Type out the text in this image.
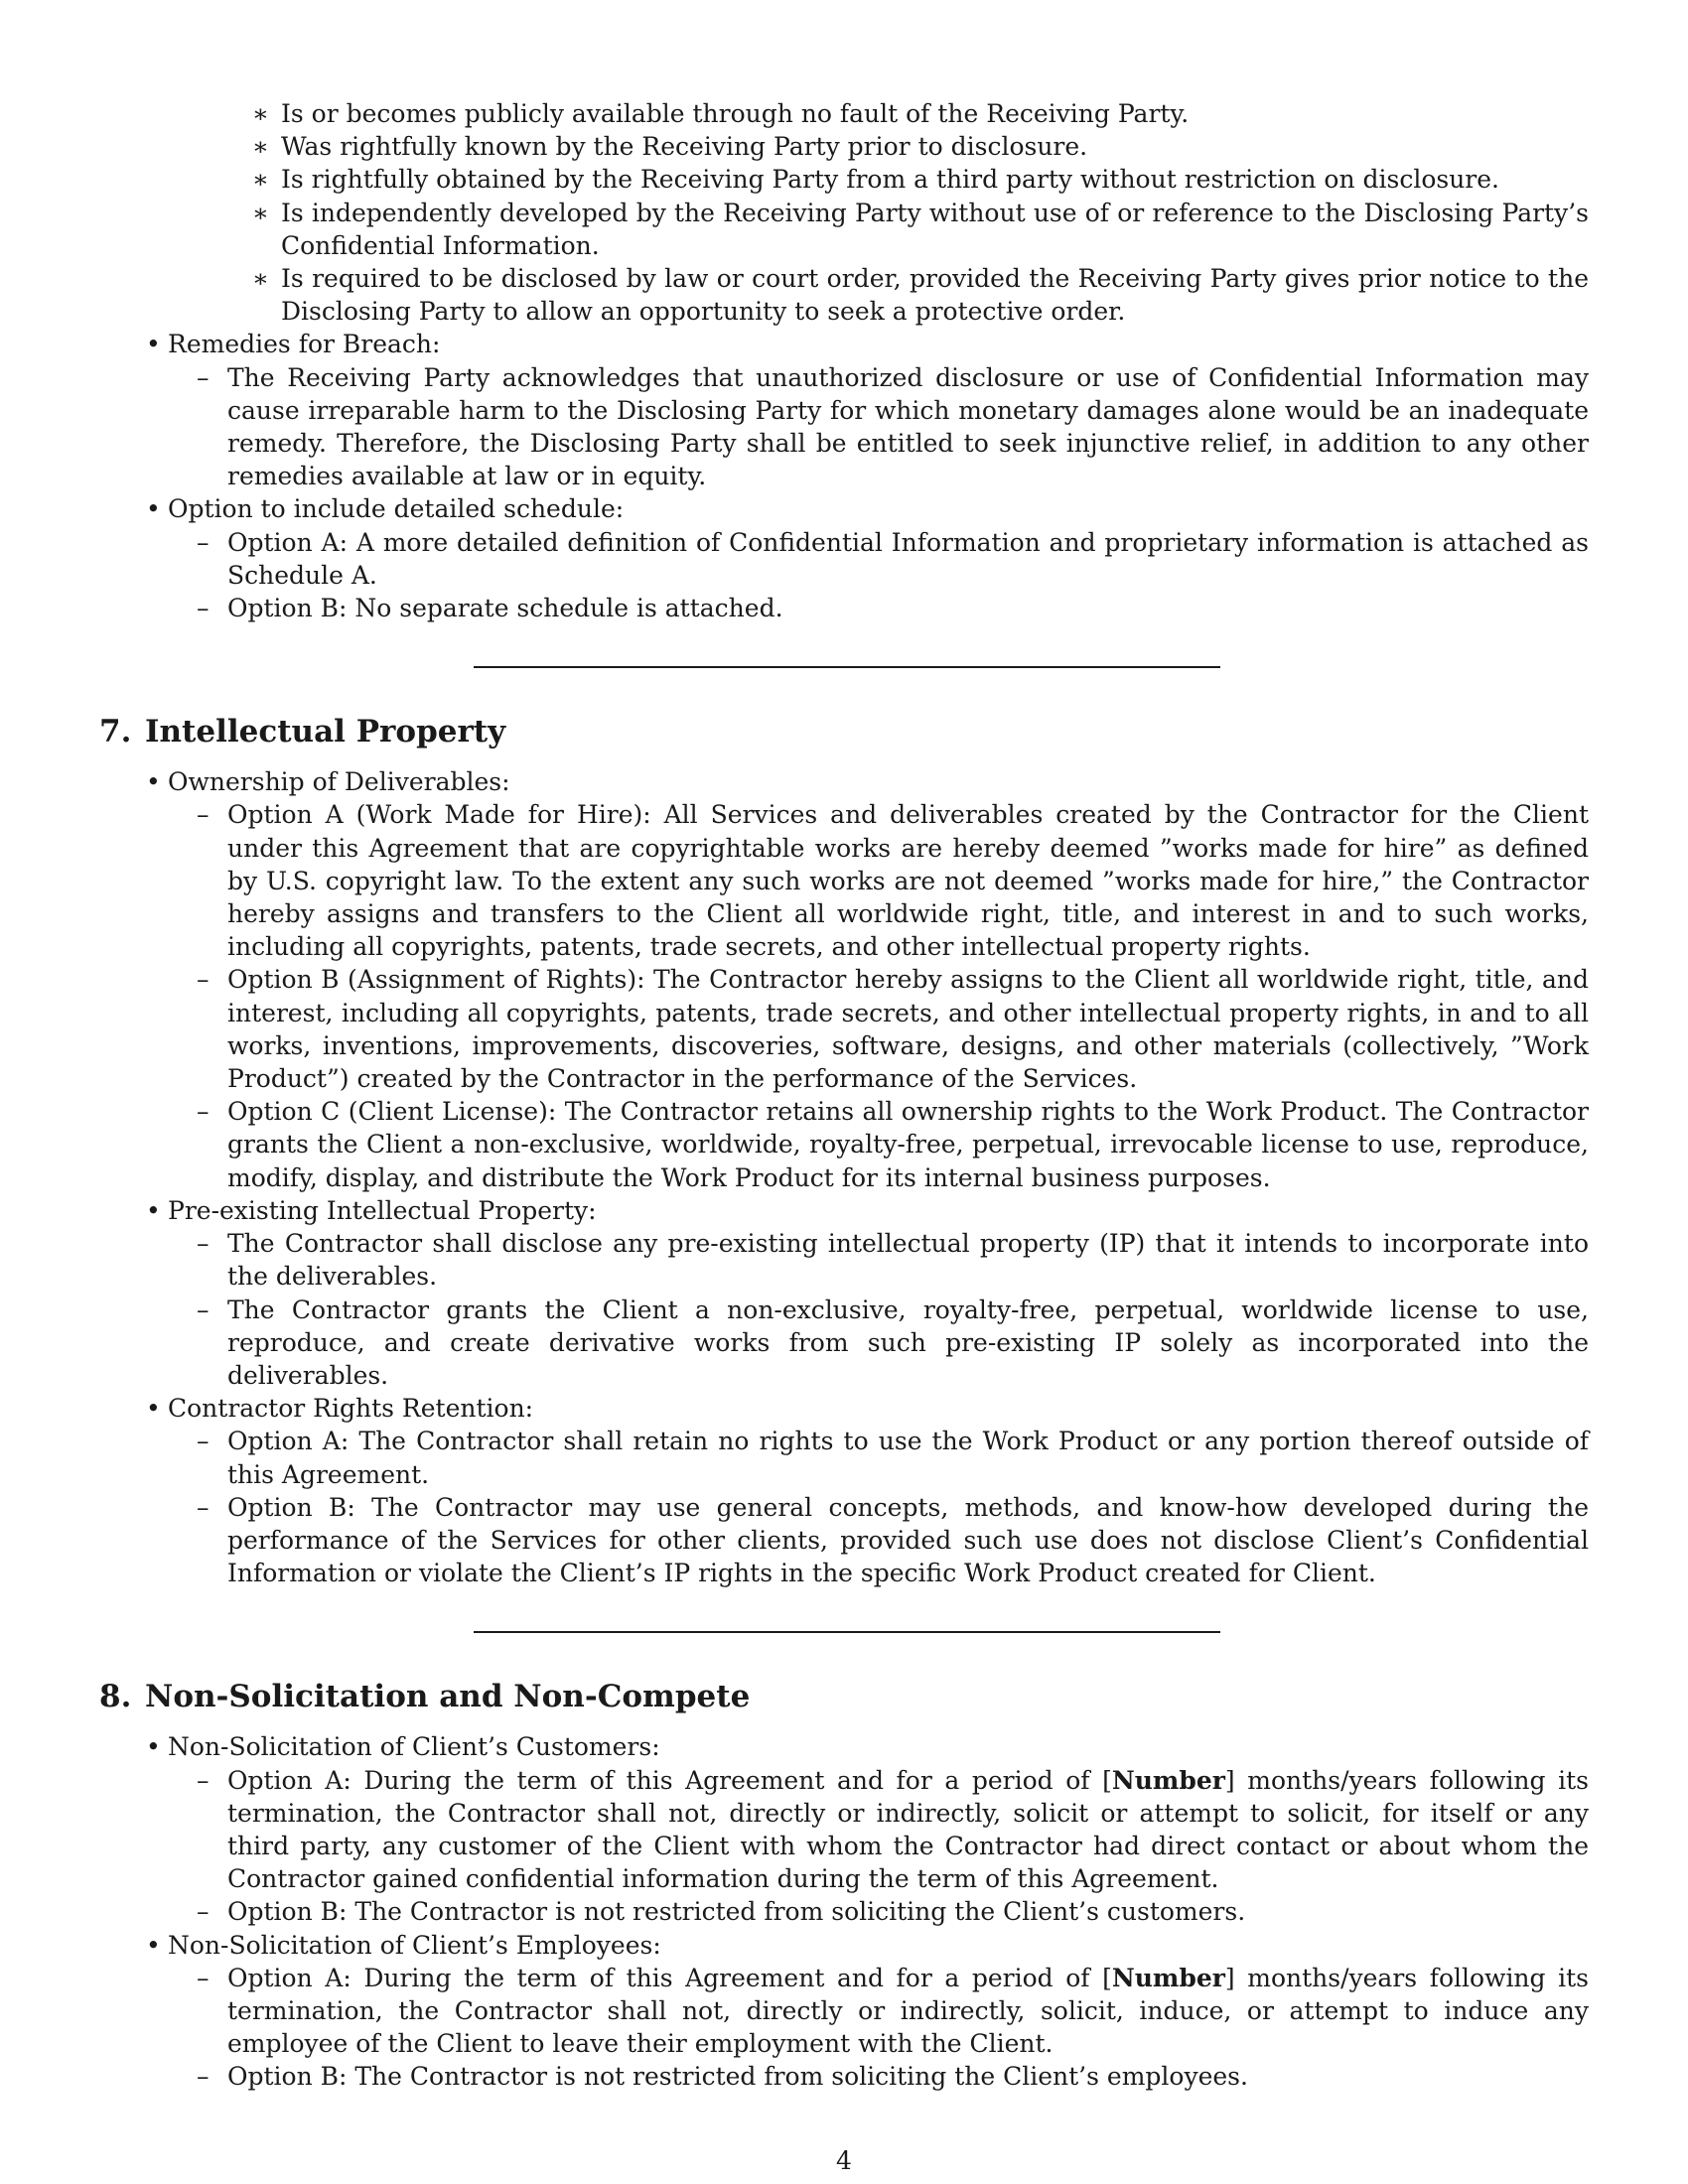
∗ Is or becomes publicly available through no fault of the Receiving Party.
∗ Was rightfully known by the Receiving Party prior to disclosure.
∗ Is rightfully obtained by the Receiving Party from a third party without restriction on disclosure.
∗ Is independently developed by the Receiving Party without use of or reference to the Disclosing Party’s Confidential Information.
∗ Is required to be disclosed by law or court order, provided the Receiving Party gives prior notice to the Disclosing Party to allow an opportunity to seek a protective order.
• Remedies for Breach:
– The Receiving Party acknowledges that unauthorized disclosure or use of Confidential Information may cause irreparable harm to the Disclosing Party for which monetary damages alone would be an inadequate remedy. Therefore, the Disclosing Party shall be entitled to seek injunctive relief, in addition to any other remedies available at law or in equity.
• Option to include detailed schedule:
– Option A: A more detailed definition of Confidential Information and proprietary information is attached as Schedule A.
– Option B: No separate schedule is attached.
7. Intellectual Property
• Ownership of Deliverables:
– Option A (Work Made for Hire): All Services and deliverables created by the Contractor for the Client under this Agreement that are copyrightable works are hereby deemed ”works made for hire” as defined by U.S. copyright law. To the extent any such works are not deemed ”works made for hire,” the Contractor hereby assigns and transfers to the Client all worldwide right, title, and interest in and to such works, including all copyrights, patents, trade secrets, and other intellectual property rights.
– Option B (Assignment of Rights): The Contractor hereby assigns to the Client all worldwide right, title, and interest, including all copyrights, patents, trade secrets, and other intellectual property rights, in and to all works, inventions, improvements, discoveries, software, designs, and other materials (collectively, ”Work Product”) created by the Contractor in the performance of the Services.
– Option C (Client License): The Contractor retains all ownership rights to the Work Product. The Contractor grants the Client a non-exclusive, worldwide, royalty-free, perpetual, irrevocable license to use, reproduce, modify, display, and distribute the Work Product for its internal business purposes.
• Pre-existing Intellectual Property:
– The Contractor shall disclose any pre-existing intellectual property (IP) that it intends to incorporate into the deliverables.
– The Contractor grants the Client a non-exclusive, royalty-free, perpetual, worldwide license to use, reproduce, and create derivative works from such pre-existing IP solely as incorporated into the deliverables.
• Contractor Rights Retention:
– Option A: The Contractor shall retain no rights to use the Work Product or any portion thereof outside of this Agreement.
– Option B: The Contractor may use general concepts, methods, and know-how developed during the performance of the Services for other clients, provided such use does not disclose Client’s Confidential Information or violate the Client’s IP rights in the specific Work Product created for Client.
8. Non-Solicitation and Non-Compete
• Non-Solicitation of Client’s Customers:
– Option A: During the term of this Agreement and for a period of [Number] months/years following its termination, the Contractor shall not, directly or indirectly, solicit or attempt to solicit, for itself or any third party, any customer of the Client with whom the Contractor had direct contact or about whom the Contractor gained confidential information during the term of this Agreement.
– Option B: The Contractor is not restricted from soliciting the Client’s customers.
• Non-Solicitation of Client’s Employees:
– Option A: During the term of this Agreement and for a period of [Number] months/years following its termination, the Contractor shall not, directly or indirectly, solicit, induce, or attempt to induce any employee of the Client to leave their employment with the Client.
– Option B: The Contractor is not restricted from soliciting the Client’s employees.
4
